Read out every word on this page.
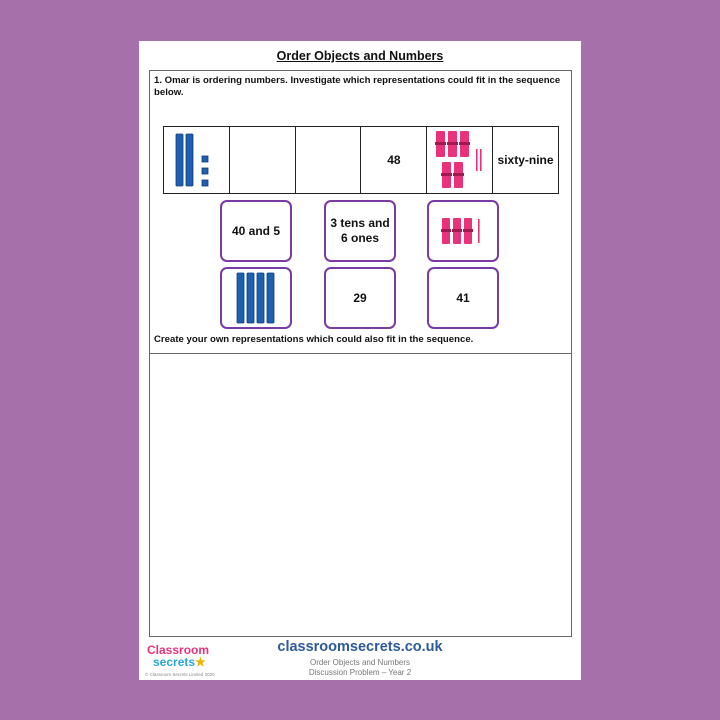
Order Objects and Numbers
1. Omar is ordering numbers. Investigate which representations could fit in the sequence below.
48	sixty-nine
40 and 5
3 tens and 6 ones
29	41
Create your own representations which could also fit in the sequence.
Classroom
secrets★
© Classroom Secrets Limited 2020
classroomsecrets.co.uk
Order Objects and Numbers
Discussion Problem – Year 2
